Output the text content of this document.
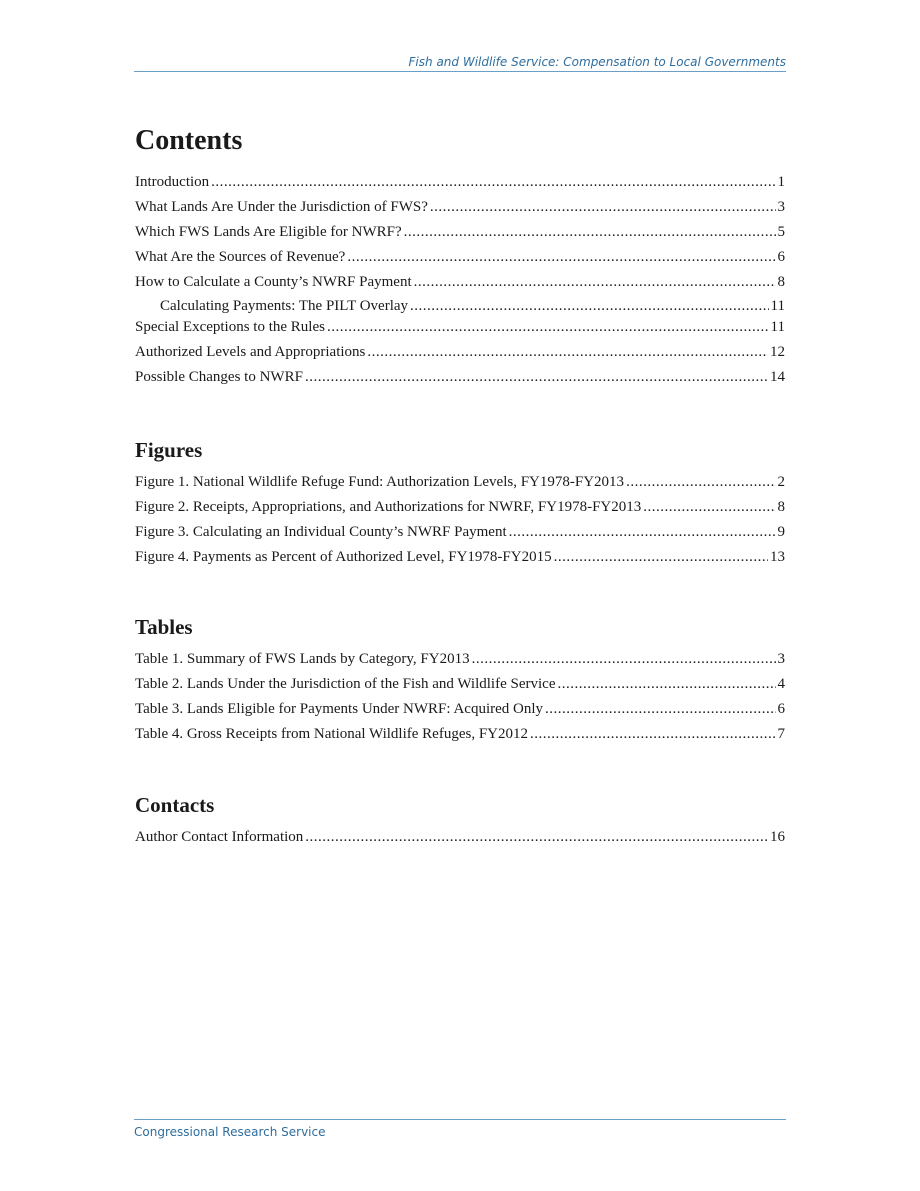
Fish and Wildlife Service: Compensation to Local Governments
Contents
Introduction .....	1
What Lands Are Under the Jurisdiction of FWS? .....	3
Which FWS Lands Are Eligible for NWRF? .....	5
What Are the Sources of Revenue? .....	6
How to Calculate a County’s NWRF Payment .....	8
Calculating Payments: The PILT Overlay .....	11
Special Exceptions to the Rules .....	11
Authorized Levels and Appropriations .....	12
Possible Changes to NWRF .....	14
Figures
Figure 1. National Wildlife Refuge Fund: Authorization Levels, FY1978-FY2013 .....	2
Figure 2. Receipts, Appropriations, and Authorizations for NWRF, FY1978-FY2013 .....	8
Figure 3. Calculating an Individual County’s NWRF Payment .....	9
Figure 4. Payments as Percent of Authorized Level, FY1978-FY2015 .....	13
Tables
Table 1. Summary of FWS Lands by Category, FY2013 .....	3
Table 2. Lands Under the Jurisdiction of the Fish and Wildlife Service .....	4
Table 3. Lands Eligible for Payments Under NWRF: Acquired Only .....	6
Table 4. Gross Receipts from National Wildlife Refuges, FY2012 .....	7
Contacts
Author Contact Information .....	16
Congressional Research Service
